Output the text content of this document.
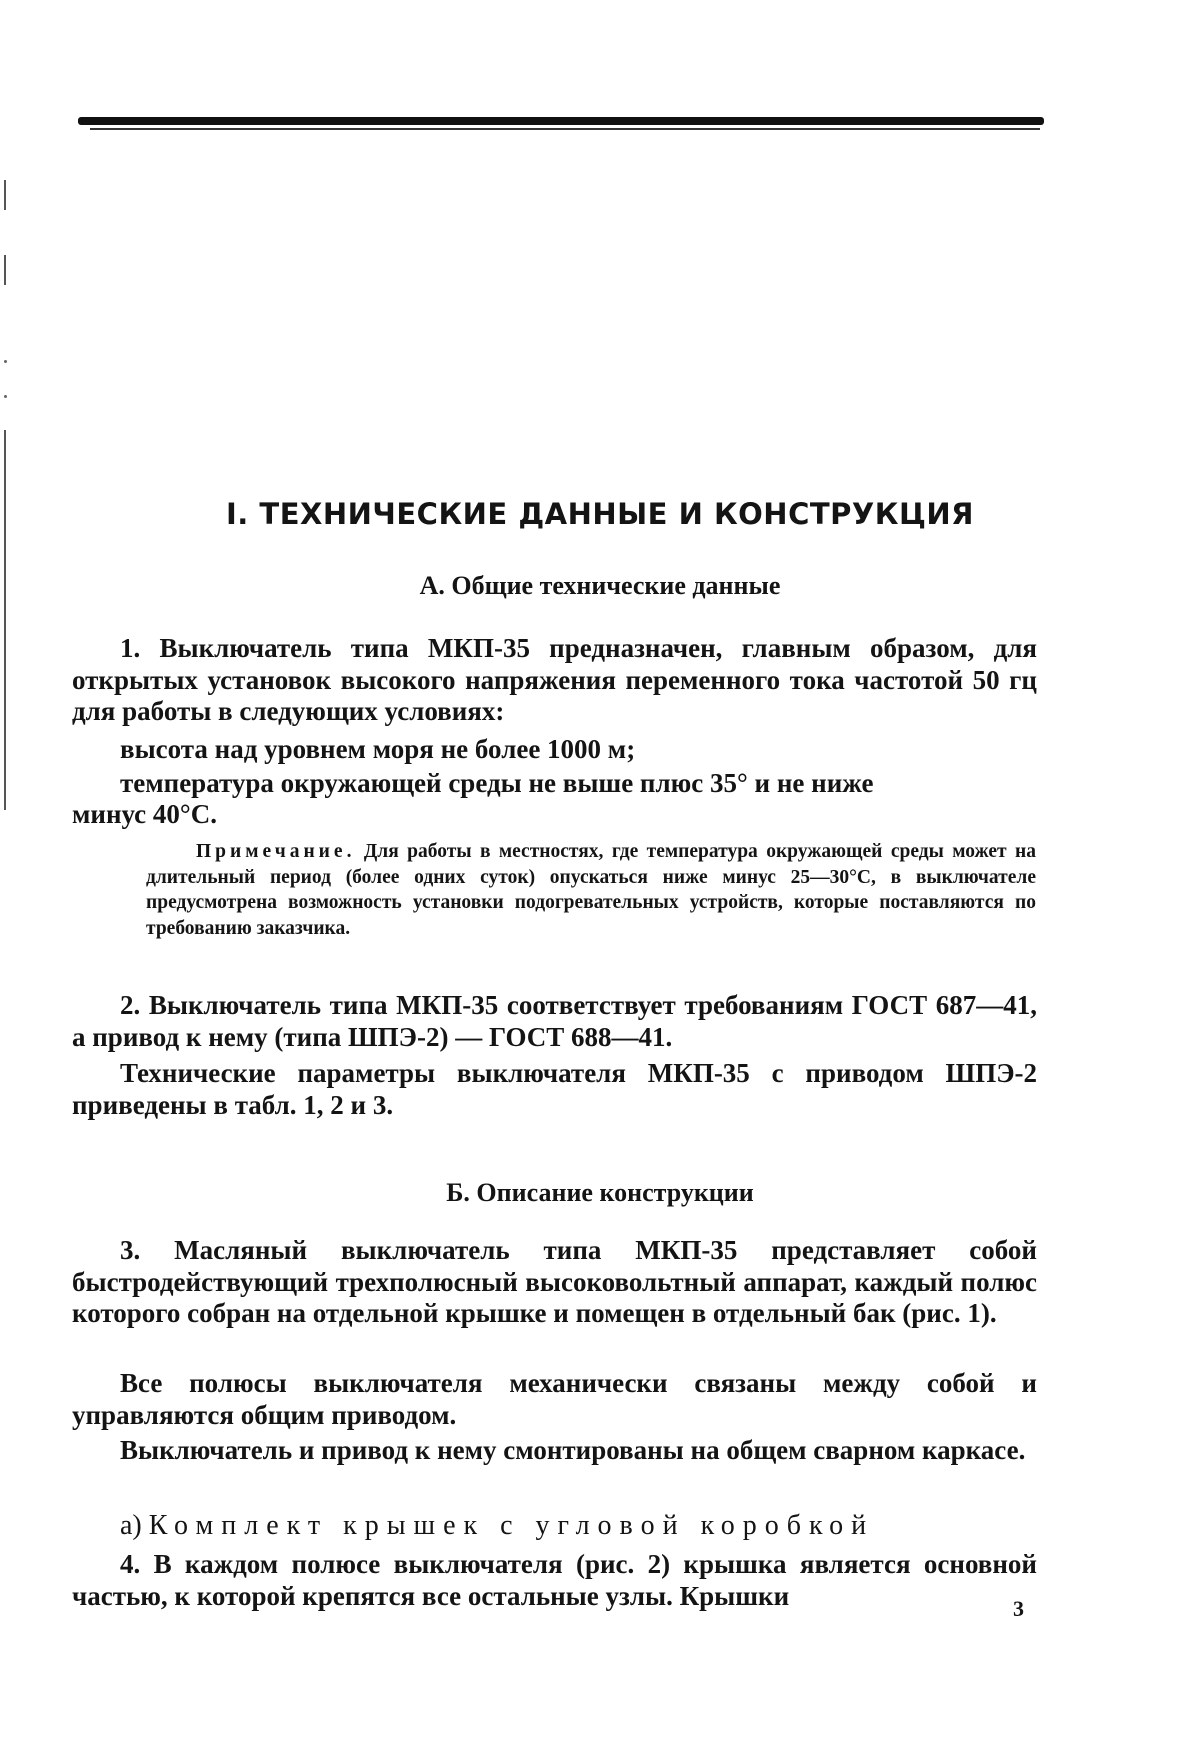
I. ТЕХНИЧЕСКИЕ ДАННЫЕ И КОНСТРУКЦИЯ
А. Общие технические данные
1. Выключатель типа МКП-35 предназначен, главным образом, для открытых установок высокого напряжения переменного тока частотой 50 гц для работы в следующих условиях:
высота над уровнем моря не более 1000 м;
температура окружающей среды не выше плюс 35° и не ниже
минус 40°С.
Примечание. Для работы в местностях, где температура окружающей среды может на длительный период (более одних суток) опускаться ниже минус 25—30°С, в выключателе предусмотрена возможность установки подогревательных устройств, которые поставляются по требованию заказчика.
2. Выключатель типа МКП-35 соответствует требованиям ГОСТ 687—41, а привод к нему (типа ШПЭ-2) — ГОСТ 688—41.
Технические параметры выключателя МКП-35 с приводом ШПЭ-2 приведены в табл. 1, 2 и 3.
Б. Описание конструкции
3. Масляный выключатель типа МКП-35 представляет собой быстродействующий трехполюсный высоковольтный аппарат, каждый полюс которого собран на отдельной крышке и помещен в отдельный бак (рис. 1).
Все полюсы выключателя механически связаны между собой и управляются общим приводом.
Выключатель и привод к нему смонтированы на общем сварном каркасе.
а) Комплект крышек с угловой коробкой
4. В каждом полюсе выключателя (рис. 2) крышка является основной частью, к которой крепятся все остальные узлы. Крышки	3
